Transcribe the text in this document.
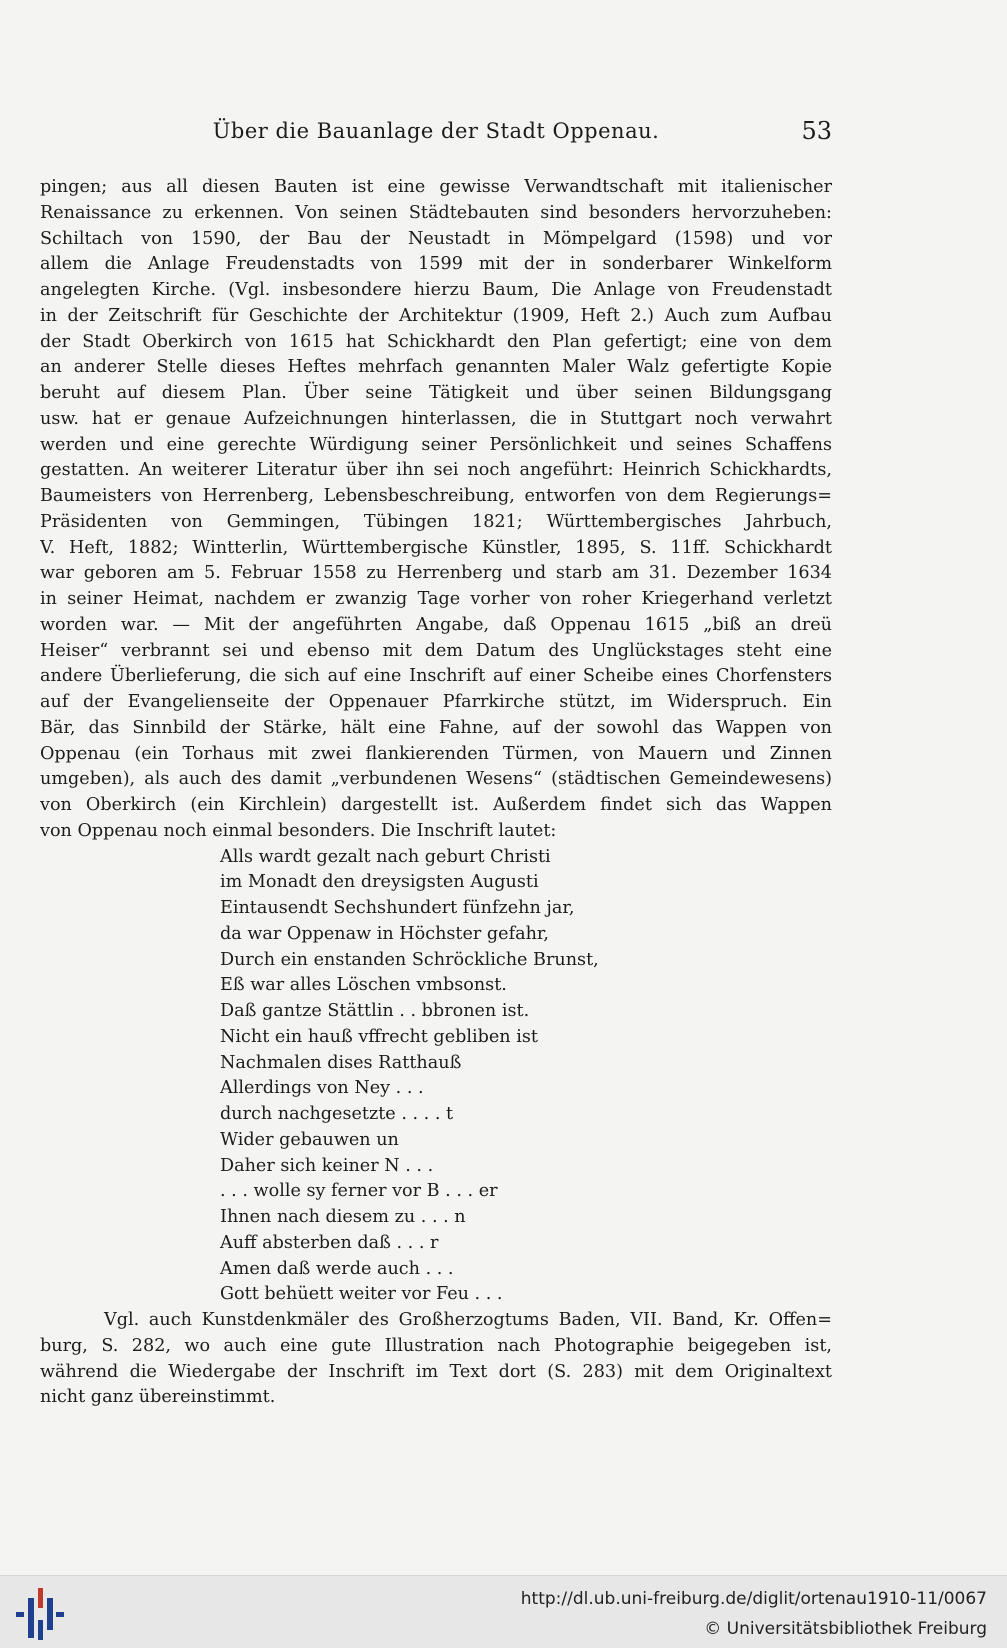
Über die Bauanlage der Stadt Oppenau.	53

pingen; aus all diesen Bauten ist eine gewisse Verwandtschaft mit italienischer

Renaissance zu erkennen. Von seinen Städtebauten sind besonders hervorzuheben:

Schiltach von 1590, der Bau der Neustadt in Mömpelgard (1598) und vor

allem die Anlage Freudenstadts von 1599 mit der in sonderbarer Winkelform

angelegten Kirche. (Vgl. insbesondere hierzu Baum, Die Anlage von Freudenstadt

in der Zeitschrift für Geschichte der Architektur (1909, Heft 2.) Auch zum Aufbau

der Stadt Oberkirch von 1615 hat Schickhardt den Plan gefertigt; eine von dem

an anderer Stelle dieses Heftes mehrfach genannten Maler Walz gefertigte Kopie

beruht auf diesem Plan. Über seine Tätigkeit und über seinen Bildungsgang

usw. hat er genaue Aufzeichnungen hinterlassen, die in Stuttgart noch verwahrt

werden und eine gerechte Würdigung seiner Persönlichkeit und seines Schaffens

gestatten. An weiterer Literatur über ihn sei noch angeführt: Heinrich Schickhardts,

Baumeisters von Herrenberg, Lebensbeschreibung, entworfen von dem Regierungs=

Präsidenten von Gemmingen, Tübingen 1821; Württembergisches Jahrbuch,

V. Heft, 1882; Wintterlin, Württembergische Künstler, 1895, S. 11ff. Schickhardt

war geboren am 5. Februar 1558 zu Herrenberg und starb am 31. Dezember 1634

in seiner Heimat, nachdem er zwanzig Tage vorher von roher Kriegerhand verletzt

worden war. — Mit der angeführten Angabe, daß Oppenau 1615 „biß an dreü

Heiser“ verbrannt sei und ebenso mit dem Datum des Unglückstages steht eine

andere Überlieferung, die sich auf eine Inschrift auf einer Scheibe eines Chorfensters

auf der Evangelienseite der Oppenauer Pfarrkirche stützt, im Widerspruch. Ein

Bär, das Sinnbild der Stärke, hält eine Fahne, auf der sowohl das Wappen von

Oppenau (ein Torhaus mit zwei flankierenden Türmen, von Mauern und Zinnen

umgeben), als auch des damit „verbundenen Wesens“ (städtischen Gemeindewesens)

von Oberkirch (ein Kirchlein) dargestellt ist. Außerdem findet sich das Wappen

von Oppenau noch einmal besonders. Die Inschrift lautet:

Alls wardt gezalt nach geburt Christi

im Monadt den dreysigsten Augusti

Eintausendt Sechshundert fünfzehn jar,

da war Oppenaw in Höchster gefahr,

Durch ein enstanden Schröckliche Brunst,

Eß war alles Löschen vmbsonst.

Daß gantze Stättlin . . bbronen ist.

Nicht ein hauß vffrecht gebliben ist

Nachmalen dises Ratthauß

Allerdings von Ney . . .

durch nachgesetzte . . . . t

Wider gebauwen un

Daher sich keiner N . . .

. . . wolle sy ferner vor B . . . er

Ihnen nach diesem zu . . . n

Auff absterben daß . . . r

Amen daß werde auch . . .

Gott behüett weiter vor Feu . . .

Vgl. auch Kunstdenkmäler des Großherzogtums Baden, VII. Band, Kr. Offen=

burg, S. 282, wo auch eine gute Illustration nach Photographie beigegeben ist,

während die Wiedergabe der Inschrift im Text dort (S. 283) mit dem Originaltext

nicht ganz übereinstimmt.

http://dl.ub.uni-freiburg.de/diglit/ortenau1910-11/0067
© Universitätsbibliothek Freiburg
